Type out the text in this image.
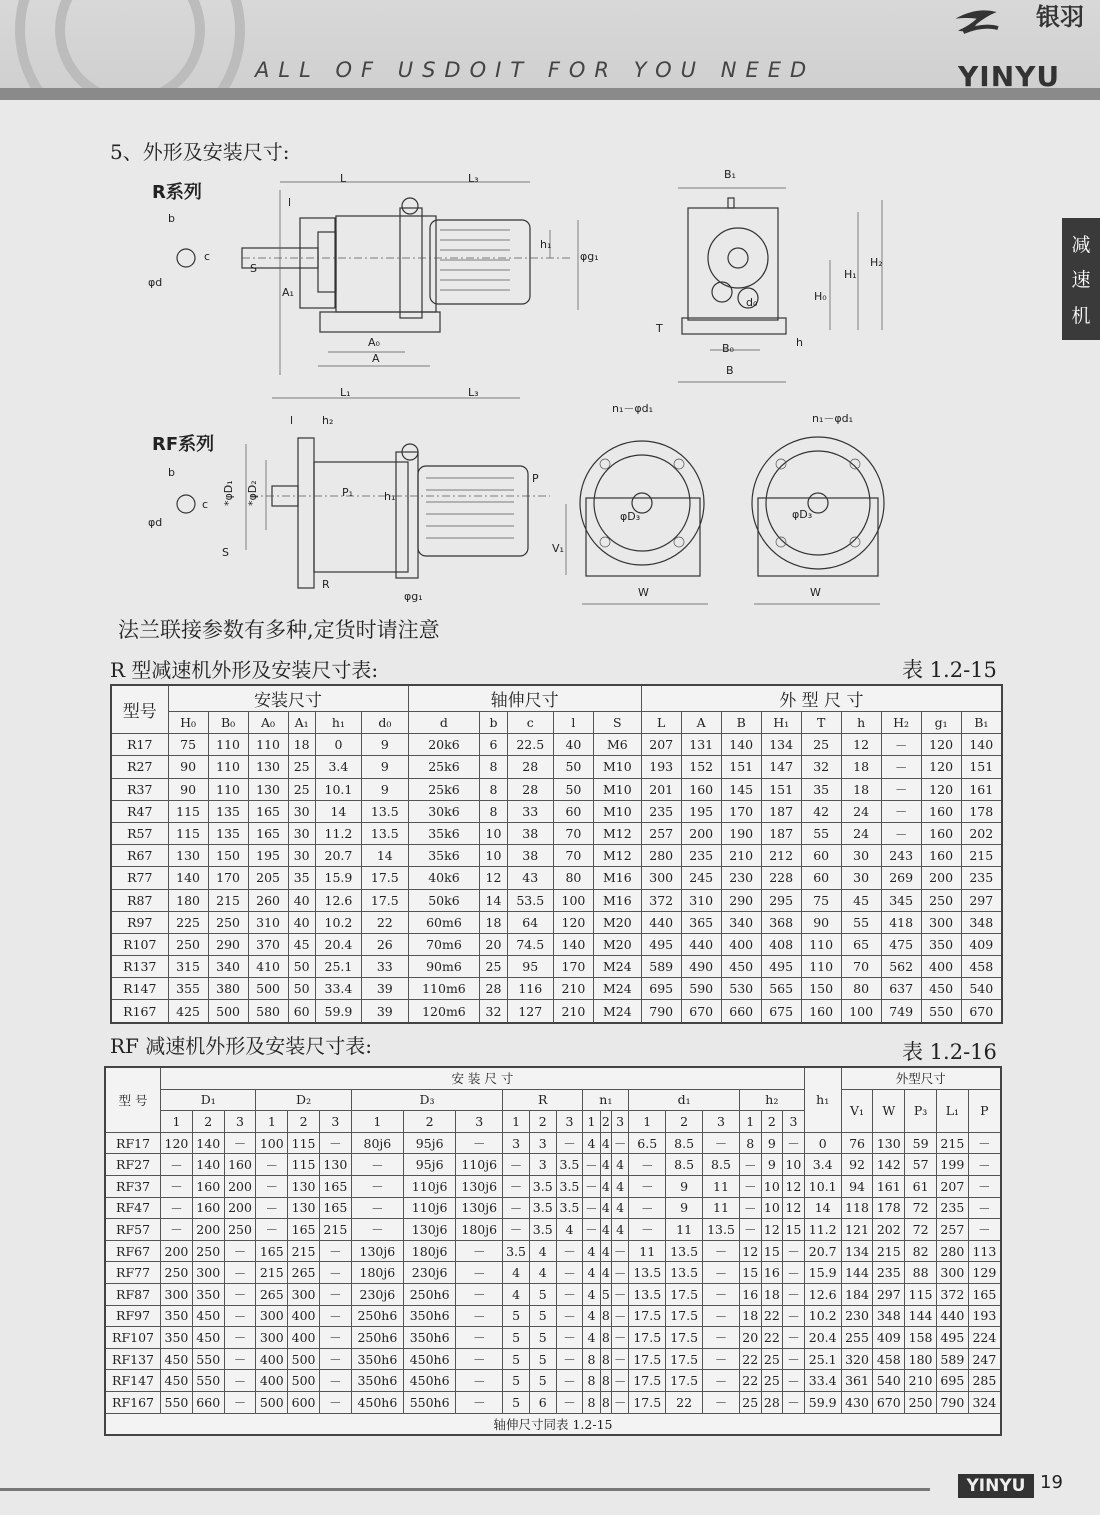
ALL OF USDOIT FOR YOU NEED
银羽
YINYU
减
速
机
5、外形及安装尺寸:
R系列
RF系列
L	L₃
l
b
c
S
φd
A₁
A₀
A
h₁
φg₁
B₁
H₁
H₂
H₀
d₀
T
B₀
B
h
L₁	L₃
l	h₂
b
c
φd
*φD₁ *φD₂
S
R
P₁	h₁
P
φg₁
n₁－φd₁
φD₃
V₁
W
n₁－φd₁
φD₃
W
法兰联接参数有多种,定货时请注意
R 型减速机外形及安装尺寸表:	表 1.2-15
型号	安装尺寸						轴伸尺寸					外 型 尺 寸								
	H₀	B₀	A₀	A₁	h₁	d₀	d	b	c	l	S	L	A	B	H₁	T	h	H₂	g₁	B₁
R17	75	110	110	18	0	9	20k6	6	22.5	40	M6	207	131	140	134	25	12	－	120	140
R27	90	110	130	25	3.4	9	25k6	8	28	50	M10	193	152	151	147	32	18	－	120	151
R37	90	110	130	25	10.1	9	25k6	8	28	50	M10	201	160	145	151	35	18	－	120	161
R47	115	135	165	30	14	13.5	30k6	8	33	60	M10	235	195	170	187	42	24	－	160	178
R57	115	135	165	30	11.2	13.5	35k6	10	38	70	M12	257	200	190	187	55	24	－	160	202
R67	130	150	195	30	20.7	14	35k6	10	38	70	M12	280	235	210	212	60	30	243	160	215
R77	140	170	205	35	15.9	17.5	40k6	12	43	80	M16	300	245	230	228	60	30	269	200	235
R87	180	215	260	40	12.6	17.5	50k6	14	53.5	100	M16	372	310	290	295	75	45	345	250	297
R97	225	250	310	40	10.2	22	60m6	18	64	120	M20	440	365	340	368	90	55	418	300	348
R107	250	290	370	45	20.4	26	70m6	20	74.5	140	M20	495	440	400	408	110	65	475	350	409
R137	315	340	410	50	25.1	33	90m6	25	95	170	M24	589	490	450	495	110	70	562	400	458
R147	355	380	500	50	33.4	39	110m6	28	116	210	M24	695	590	530	565	150	80	637	450	540
R167	425	500	580	60	59.9	39	120m6	32	127	210	M24	790	670	660	675	160	100	749	550	670
RF 减速机外形及安装尺寸表:	表 1.2-16
型 号	安 装 尺 寸																					h₁	外型尺寸				
	D₁			D₂			D₃			R			n₁			d₁			h₂				V₁	W	P₃	L₁	P
	1	2	3	1	2	3	1	2	3	1	2	3	1	2	3	1	2	3	1	2	3						
RF17	120	140	－	100	115	－	80j6	95j6	－	3	3	－	4	4	－	6.5	8.5	－	8	9	－	0	76	130	59	215	－
RF27	－	140	160	－	115	130	－	95j6	110j6	－	3	3.5	－	4	4	－	8.5	8.5	－	9	10	3.4	92	142	57	199	－
RF37	－	160	200	－	130	165	－	110j6	130j6	－	3.5	3.5	－	4	4	－	9	11	－	10	12	10.1	94	161	61	207	－
RF47	－	160	200	－	130	165	－	110j6	130j6	－	3.5	3.5	－	4	4	－	9	11	－	10	12	14	118	178	72	235	－
RF57	－	200	250	－	165	215	－	130j6	180j6	－	3.5	4	－	4	4	－	11	13.5	－	12	15	11.2	121	202	72	257	－
RF67	200	250	－	165	215	－	130j6	180j6	－	3.5	4	－	4	4	－	11	13.5	－	12	15	－	20.7	134	215	82	280	113
RF77	250	300	－	215	265	－	180j6	230j6	－	4	4	－	4	4	－	13.5	13.5	－	15	16	－	15.9	144	235	88	300	129
RF87	300	350	－	265	300	－	230j6	250h6	－	4	5	－	4	5	－	13.5	17.5	－	16	18	－	12.6	184	297	115	372	165
RF97	350	450	－	300	400	－	250h6	350h6	－	5	5	－	4	8	－	17.5	17.5	－	18	22	－	10.2	230	348	144	440	193
RF107	350	450	－	300	400	－	250h6	350h6	－	5	5	－	4	8	－	17.5	17.5	－	20	22	－	20.4	255	409	158	495	224
RF137	450	550	－	400	500	－	350h6	450h6	－	5	5	－	8	8	－	17.5	17.5	－	22	25	－	25.1	320	458	180	589	247
RF147	450	550	－	400	500	－	350h6	450h6	－	5	5	－	8	8	－	17.5	17.5	－	22	25	－	33.4	361	540	210	695	285
RF167	550	660	－	500	600	－	450h6	550h6	－	5	6	－	8	8	－	17.5	22	－	25	28	－	59.9	430	670	250	790	324
轴伸尺寸同表 1.2-15																											
YINYU 19
